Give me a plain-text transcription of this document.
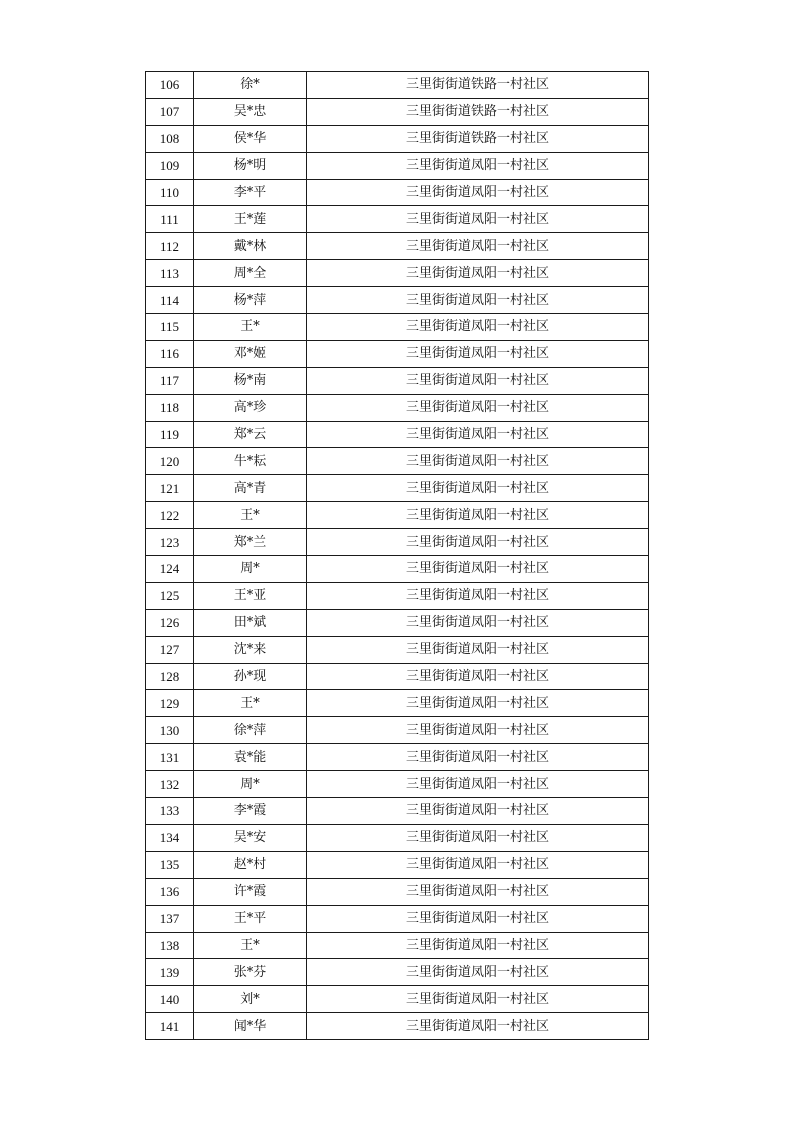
106	徐*	三里街街道铁路一村社区
107	吴*忠	三里街街道铁路一村社区
108	侯*华	三里街街道铁路一村社区
109	杨*明	三里街街道凤阳一村社区
110	李*平	三里街街道凤阳一村社区
111	王*莲	三里街街道凤阳一村社区
112	戴*林	三里街街道凤阳一村社区
113	周*全	三里街街道凤阳一村社区
114	杨*萍	三里街街道凤阳一村社区
115	王*	三里街街道凤阳一村社区
116	邓*姬	三里街街道凤阳一村社区
117	杨*南	三里街街道凤阳一村社区
118	高*珍	三里街街道凤阳一村社区
119	郑*云	三里街街道凤阳一村社区
120	牛*耘	三里街街道凤阳一村社区
121	高*青	三里街街道凤阳一村社区
122	王*	三里街街道凤阳一村社区
123	郑*兰	三里街街道凤阳一村社区
124	周*	三里街街道凤阳一村社区
125	王*亚	三里街街道凤阳一村社区
126	田*斌	三里街街道凤阳一村社区
127	沈*来	三里街街道凤阳一村社区
128	孙*现	三里街街道凤阳一村社区
129	王*	三里街街道凤阳一村社区
130	徐*萍	三里街街道凤阳一村社区
131	袁*能	三里街街道凤阳一村社区
132	周*	三里街街道凤阳一村社区
133	李*霞	三里街街道凤阳一村社区
134	吴*安	三里街街道凤阳一村社区
135	赵*村	三里街街道凤阳一村社区
136	许*霞	三里街街道凤阳一村社区
137	王*平	三里街街道凤阳一村社区
138	王*	三里街街道凤阳一村社区
139	张*芬	三里街街道凤阳一村社区
140	刘*	三里街街道凤阳一村社区
141	闻*华	三里街街道凤阳一村社区
